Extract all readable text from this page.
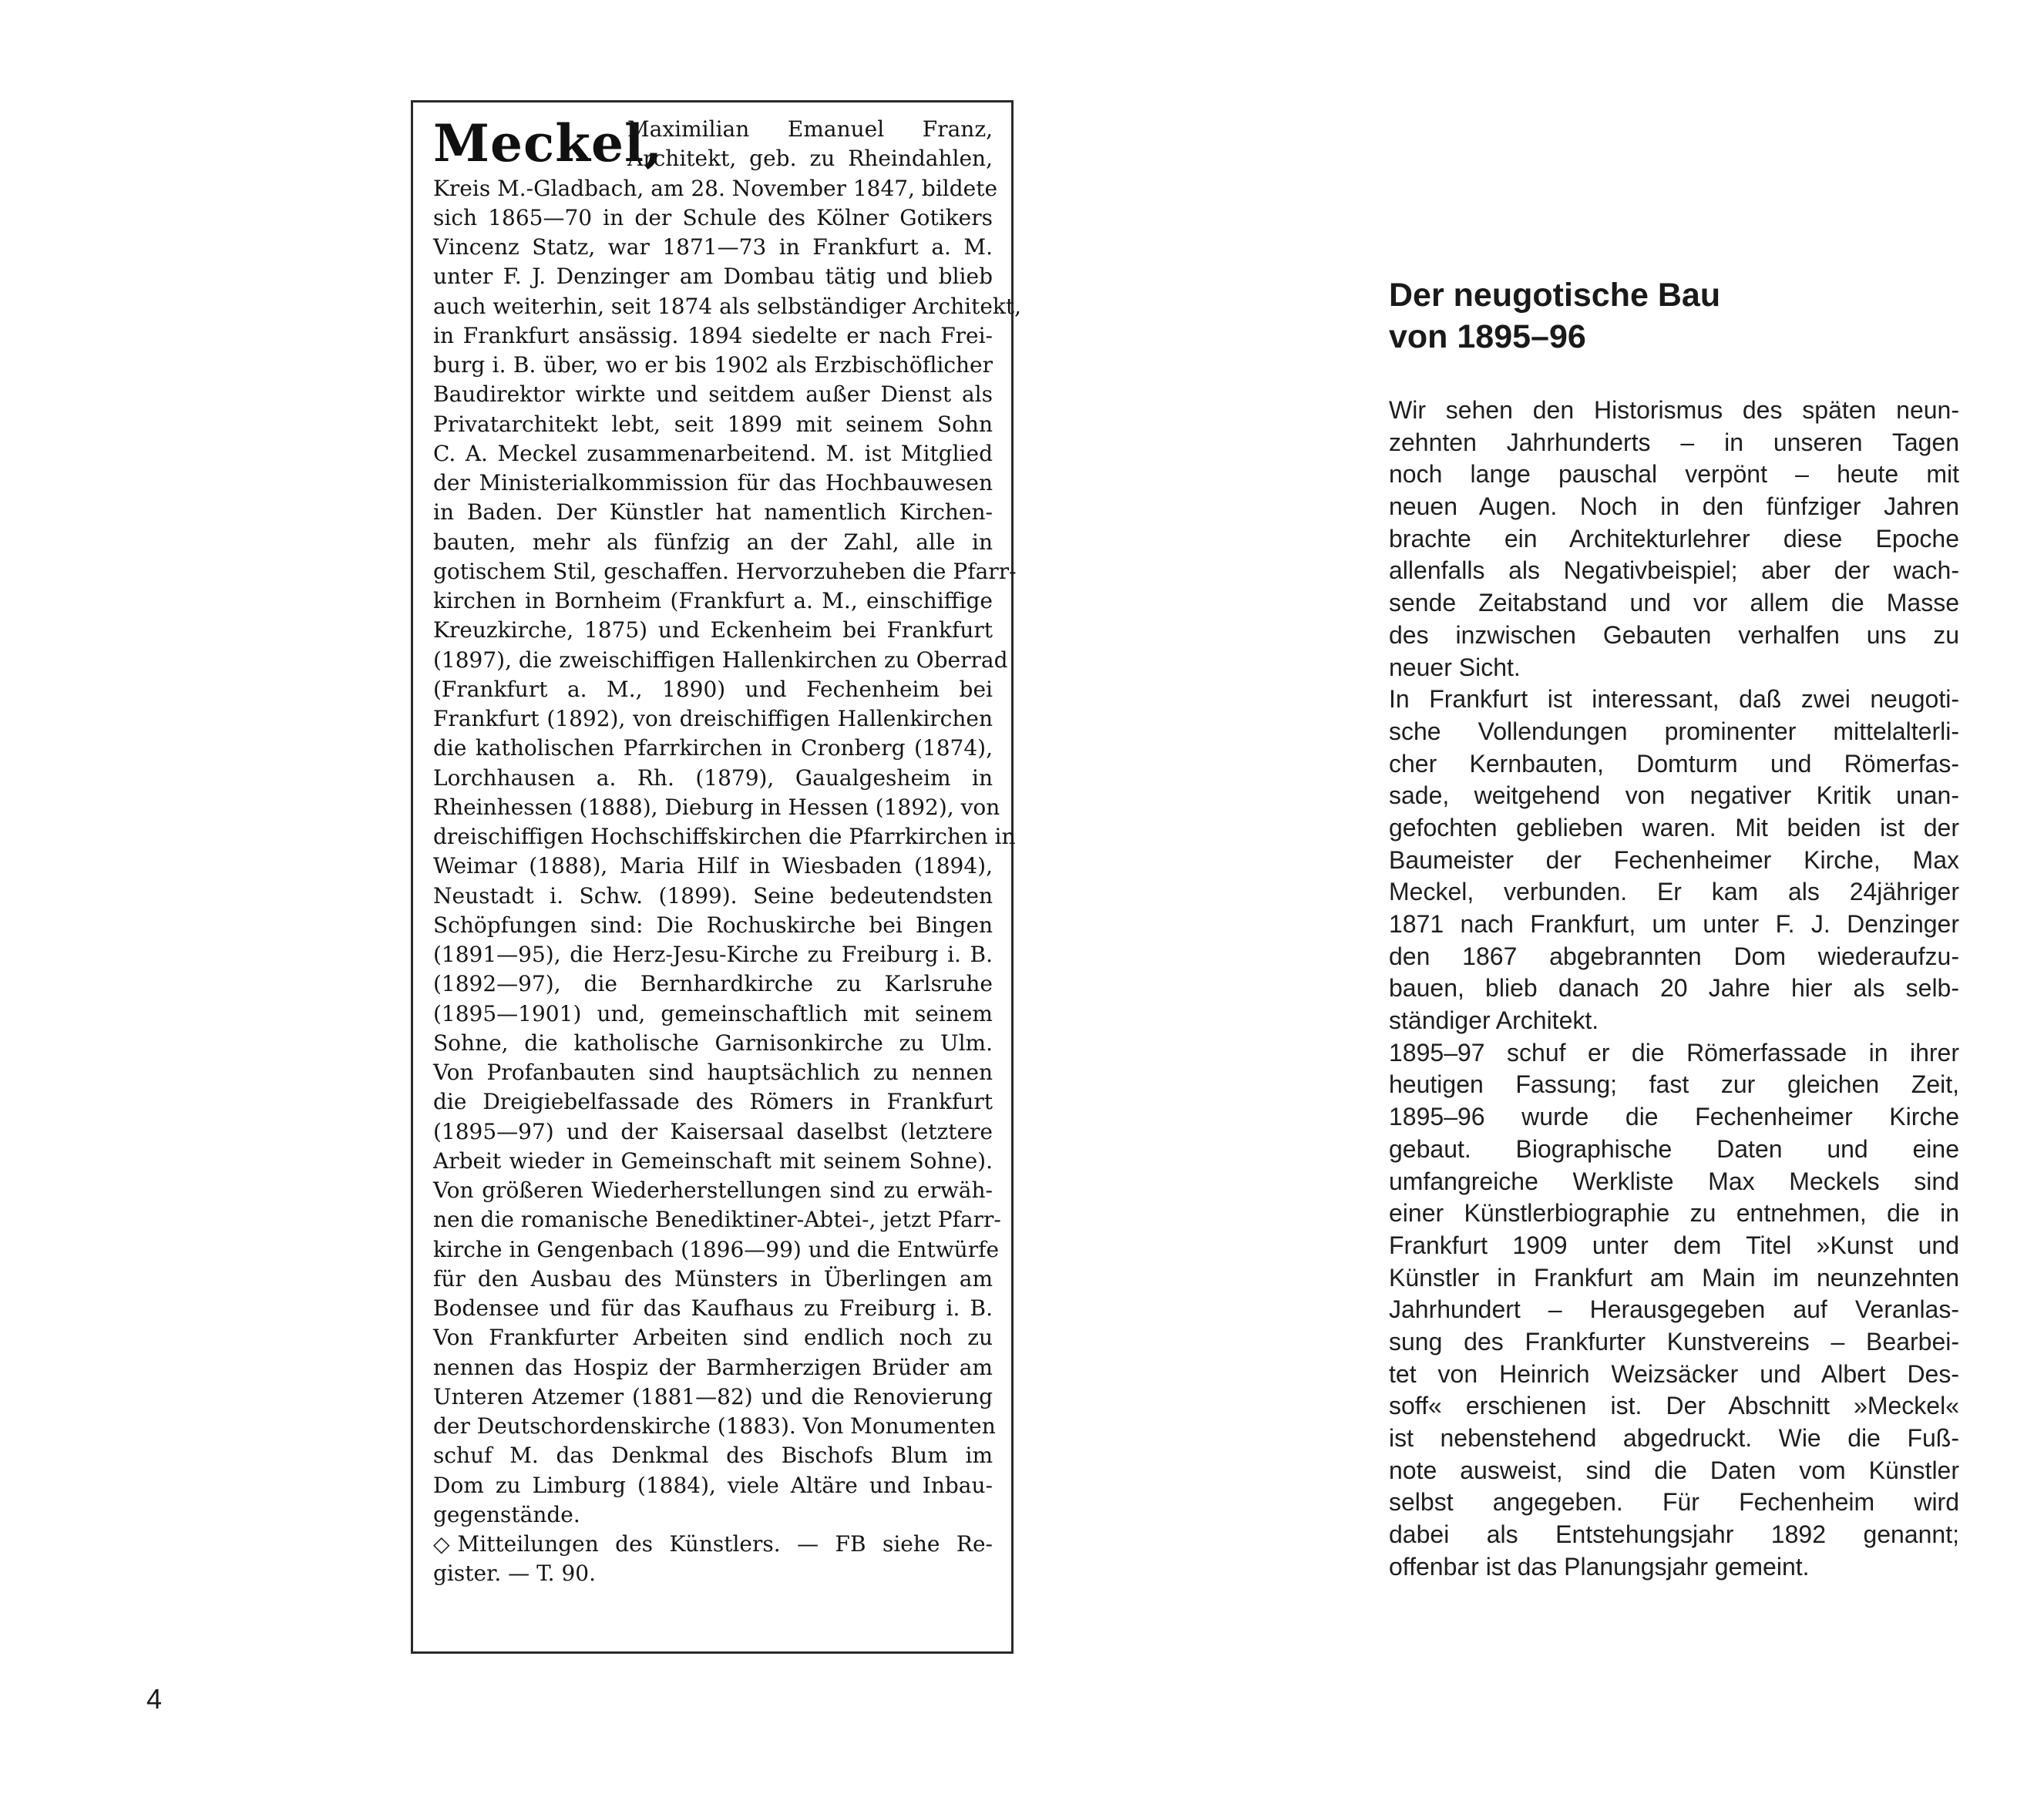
Meckel,
Maximilian Emanuel Franz,
Architekt, geb. zu Rheindahlen,
Kreis M.-Gladbach, am 28. November 1847, bildete
sich 1865—70 in der Schule des Kölner Gotikers
Vincenz Statz, war 1871—73 in Frankfurt a. M.
unter F. J. Denzinger am Dombau tätig und blieb
auch weiterhin, seit 1874 als selbständiger Architekt,
in Frankfurt ansässig. 1894 siedelte er nach Frei-
burg i. B. über, wo er bis 1902 als Erzbischöflicher
Baudirektor wirkte und seitdem außer Dienst als
Privatarchitekt lebt, seit 1899 mit seinem Sohn
C. A. Meckel zusammenarbeitend. M. ist Mitglied
der Ministerialkommission für das Hochbauwesen
in Baden. Der Künstler hat namentlich Kirchen-
bauten, mehr als fünfzig an der Zahl, alle in
gotischem Stil, geschaffen. Hervorzuheben die Pfarr-
kirchen in Bornheim (Frankfurt a. M., einschiffige
Kreuzkirche, 1875) und Eckenheim bei Frankfurt
(1897), die zweischiffigen Hallenkirchen zu Oberrad
(Frankfurt a. M., 1890) und Fechenheim bei
Frankfurt (1892), von dreischiffigen Hallenkirchen
die katholischen Pfarrkirchen in Cronberg (1874),
Lorchhausen a. Rh. (1879), Gaualgesheim in
Rheinhessen (1888), Dieburg in Hessen (1892), von
dreischiffigen Hochschiffskirchen die Pfarrkirchen in
Weimar (1888), Maria Hilf in Wiesbaden (1894),
Neustadt i. Schw. (1899). Seine bedeutendsten
Schöpfungen sind: Die Rochuskirche bei Bingen
(1891—95), die Herz-Jesu-Kirche zu Freiburg i. B.
(1892—97), die Bernhardkirche zu Karlsruhe
(1895—1901) und, gemeinschaftlich mit seinem
Sohne, die katholische Garnisonkirche zu Ulm.
Von Profanbauten sind hauptsächlich zu nennen
die Dreigiebelfassade des Römers in Frankfurt
(1895—97) und der Kaisersaal daselbst (letztere
Arbeit wieder in Gemeinschaft mit seinem Sohne).
Von größeren Wiederherstellungen sind zu erwäh-
nen die romanische Benediktiner-Abtei-, jetzt Pfarr-
kirche in Gengenbach (1896—99) und die Entwürfe
für den Ausbau des Münsters in Überlingen am
Bodensee und für das Kaufhaus zu Freiburg i. B.
Von Frankfurter Arbeiten sind endlich noch zu
nennen das Hospiz der Barmherzigen Brüder am
Unteren Atzemer (1881—82) und die Renovierung
der Deutschordenskirche (1883). Von Monumenten
schuf M. das Denkmal des Bischofs Blum im
Dom zu Limburg (1884), viele Altäre und Inbau-
gegenstände.
◇ Mitteilungen des Künstlers. — FB siehe Re-
gister. — T. 90.
Der neugotische Bau
von 1895–96
Wir sehen den Historismus des späten neun-
zehnten Jahrhunderts – in unseren Tagen
noch lange pauschal verpönt – heute mit
neuen Augen. Noch in den fünfziger Jahren
brachte ein Architekturlehrer diese Epoche
allenfalls als Negativbeispiel; aber der wach-
sende Zeitabstand und vor allem die Masse
des inzwischen Gebauten verhalfen uns zu
neuer Sicht.
In Frankfurt ist interessant, daß zwei neugoti-
sche Vollendungen prominenter mittelalterli-
cher Kernbauten, Domturm und Römerfas-
sade, weitgehend von negativer Kritik unan-
gefochten geblieben waren. Mit beiden ist der
Baumeister der Fechenheimer Kirche, Max
Meckel, verbunden. Er kam als 24jähriger
1871 nach Frankfurt, um unter F. J. Denzinger
den 1867 abgebrannten Dom wiederaufzu-
bauen, blieb danach 20 Jahre hier als selb-
ständiger Architekt.
1895–97 schuf er die Römerfassade in ihrer
heutigen Fassung; fast zur gleichen Zeit,
1895–96 wurde die Fechenheimer Kirche
gebaut. Biographische Daten und eine
umfangreiche Werkliste Max Meckels sind
einer Künstlerbiographie zu entnehmen, die in
Frankfurt 1909 unter dem Titel »Kunst und
Künstler in Frankfurt am Main im neunzehnten
Jahrhundert – Herausgegeben auf Veranlas-
sung des Frankfurter Kunstvereins – Bearbei-
tet von Heinrich Weizsäcker und Albert Des-
soff« erschienen ist. Der Abschnitt »Meckel«
ist nebenstehend abgedruckt. Wie die Fuß-
note ausweist, sind die Daten vom Künstler
selbst angegeben. Für Fechenheim wird
dabei als Entstehungsjahr 1892 genannt;
offenbar ist das Planungsjahr gemeint.
4
